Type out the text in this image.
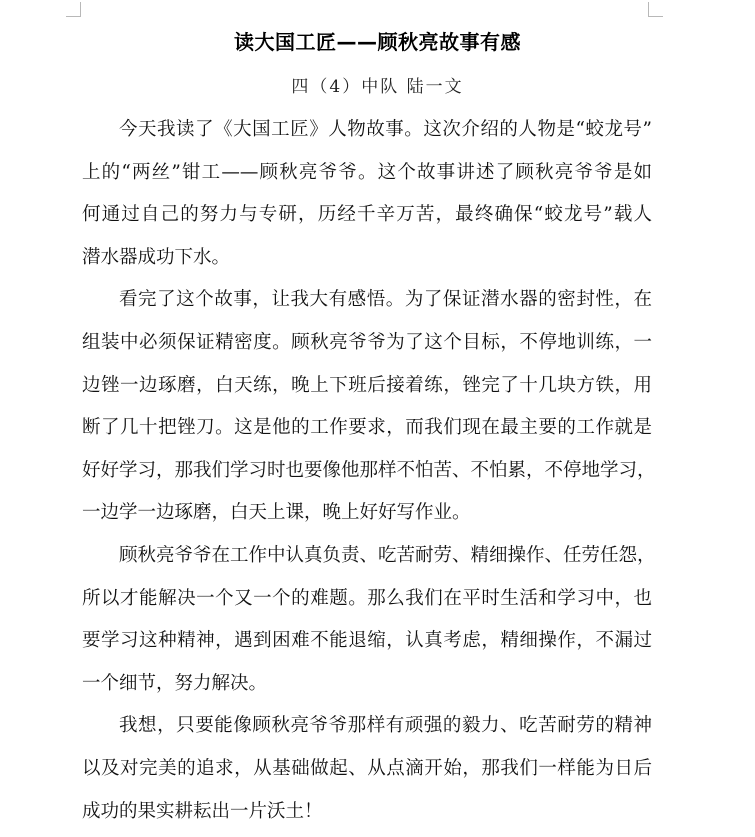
读大国工匠——顾秋亮故事有感
四（4）中队 陆一文
今天我读了《大国工匠》人物故事。这次介绍的人物是“蛟龙号”
上的“两丝”钳工——顾秋亮爷爷。这个故事讲述了顾秋亮爷爷是如
何通过自己的努力与专研，历经千辛万苦，最终确保“蛟龙号”载人
潜水器成功下水。
看完了这个故事，让我大有感悟。为了保证潜水器的密封性，在
组装中必须保证精密度。顾秋亮爷爷为了这个目标，不停地训练，一
边锉一边琢磨，白天练，晚上下班后接着练，锉完了十几块方铁，用
断了几十把锉刀。这是他的工作要求，而我们现在最主要的工作就是
好好学习，那我们学习时也要像他那样不怕苦、不怕累，不停地学习，
一边学一边琢磨，白天上课，晚上好好写作业。
顾秋亮爷爷在工作中认真负责、吃苦耐劳、精细操作、任劳任怨，
所以才能解决一个又一个的难题。那么我们在平时生活和学习中，也
要学习这种精神，遇到困难不能退缩，认真考虑，精细操作，不漏过
一个细节，努力解决。
我想，只要能像顾秋亮爷爷那样有顽强的毅力、吃苦耐劳的精神
以及对完美的追求，从基础做起、从点滴开始，那我们一样能为日后
成功的果实耕耘出一片沃土！
